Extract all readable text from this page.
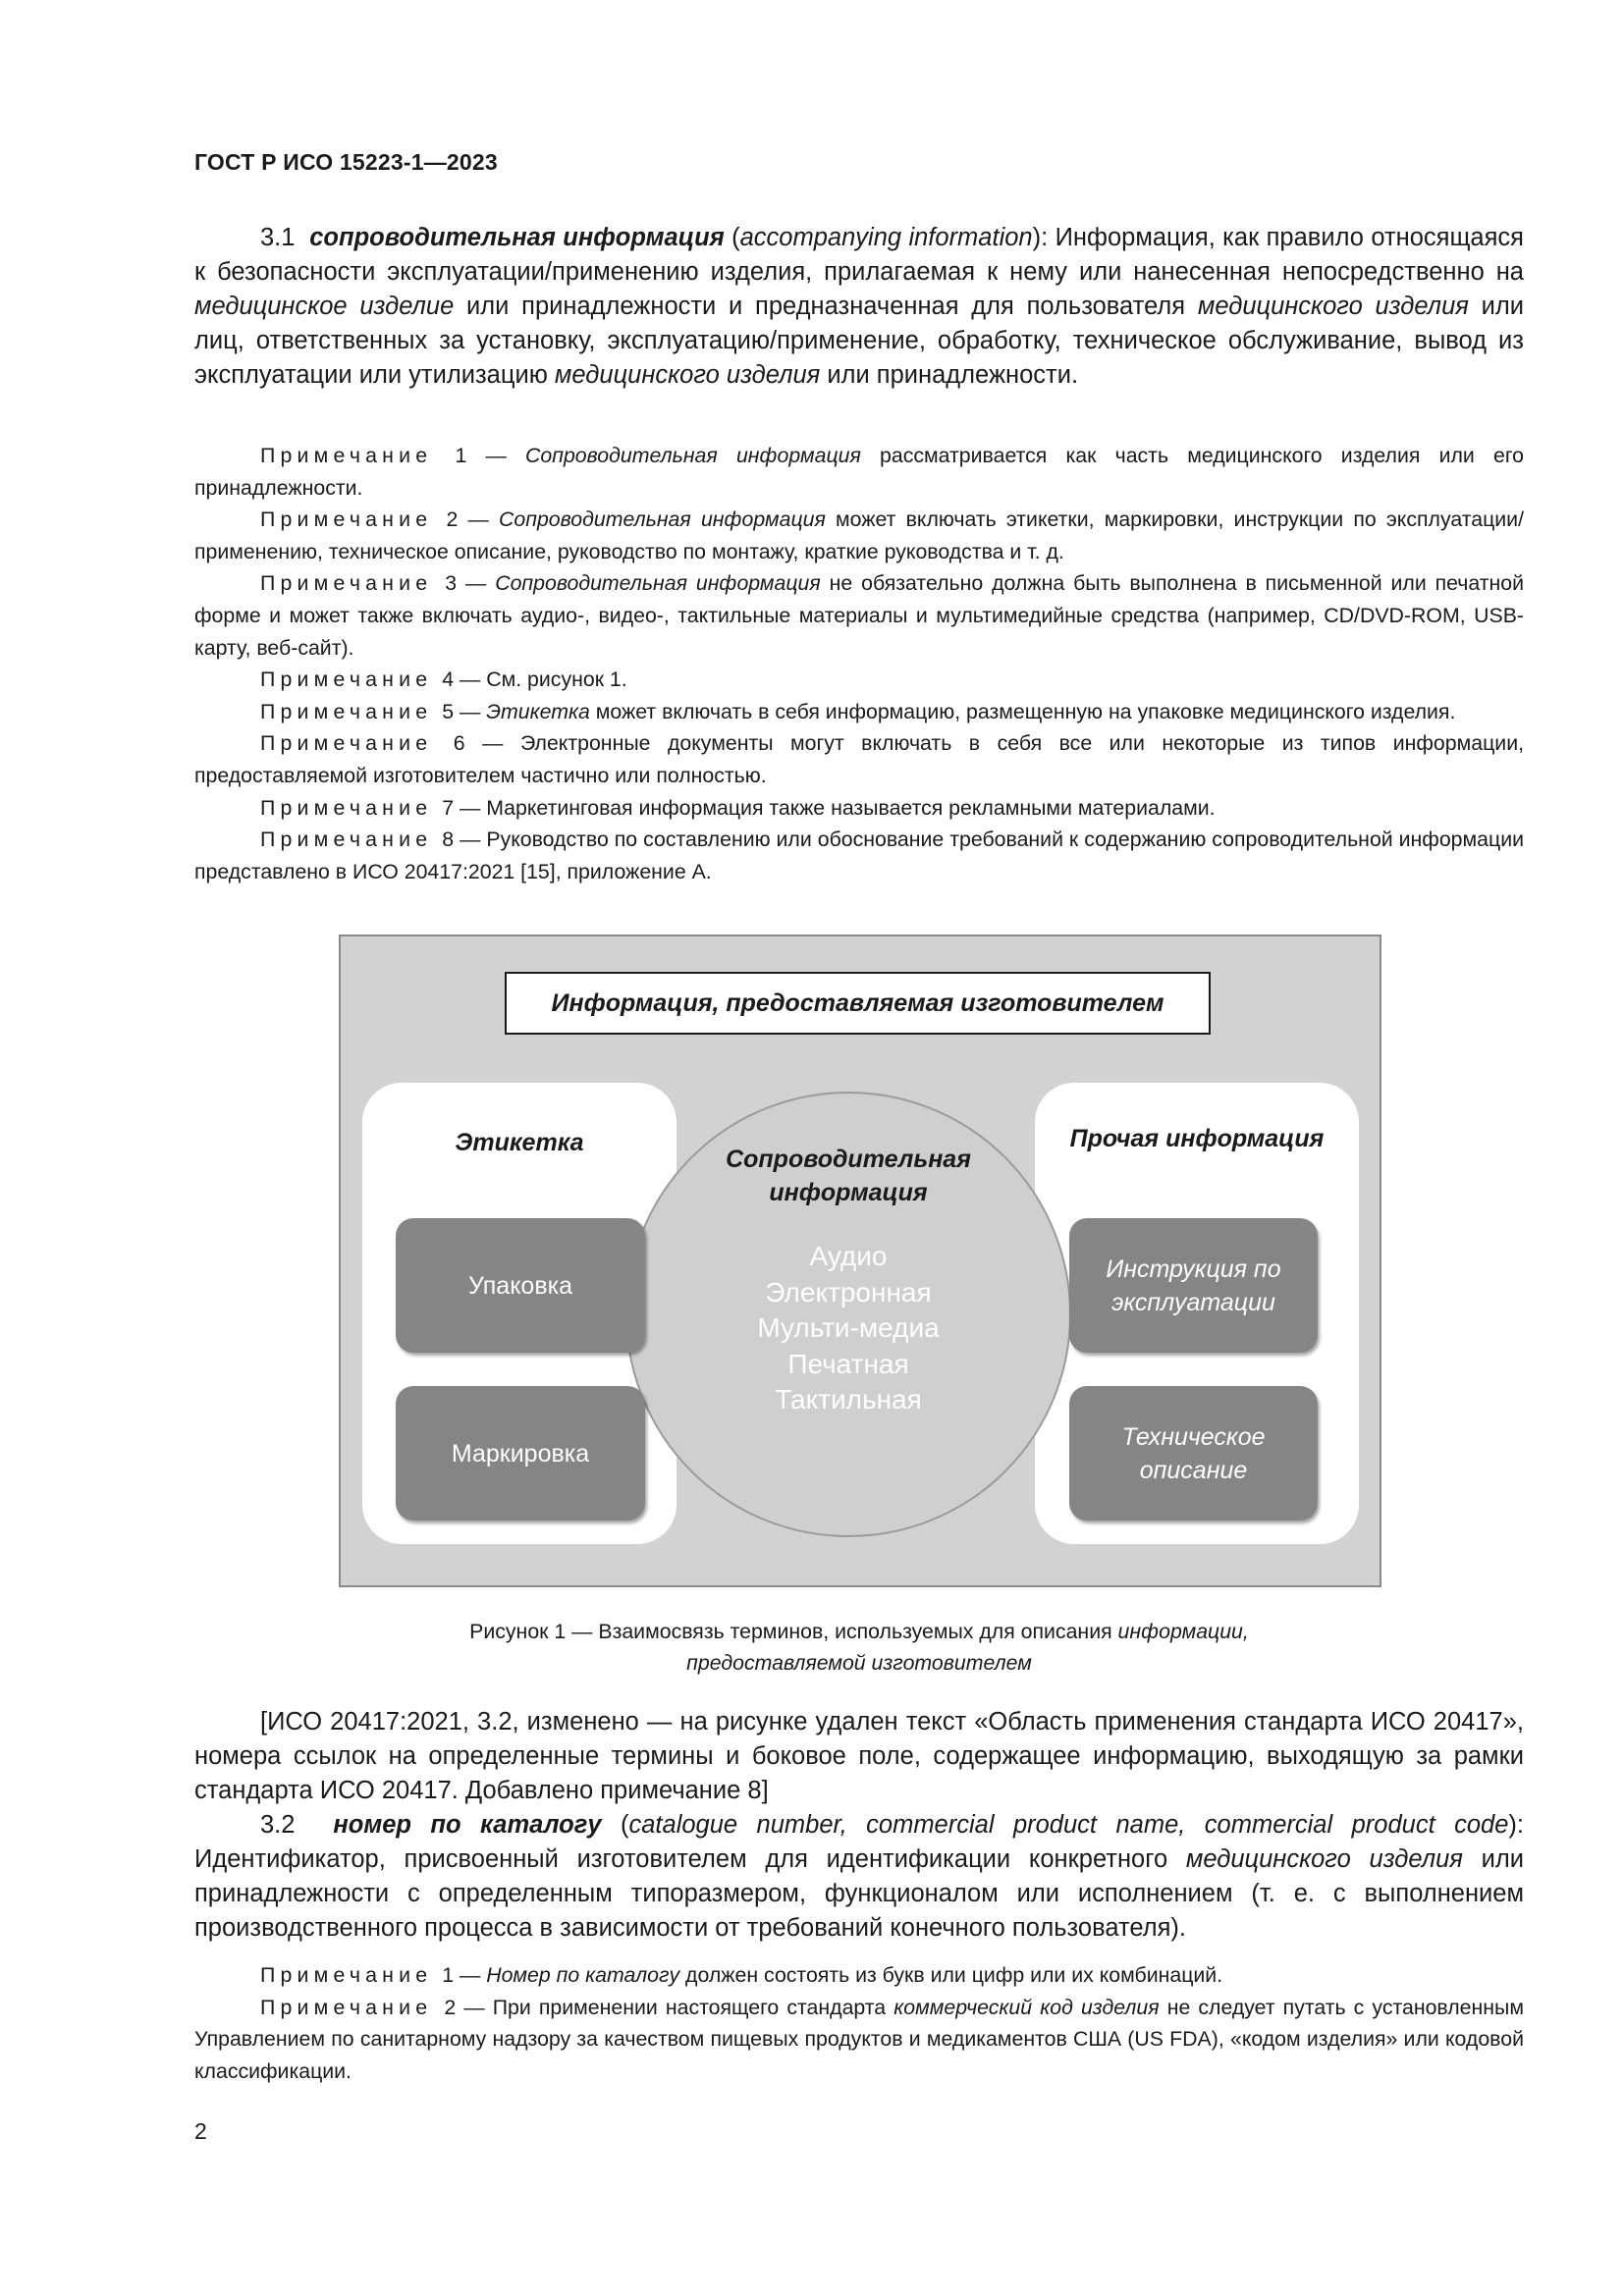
ГОСТ Р ИСО 15223-1—2023

3.1 сопроводительная информация (accompanying information): Информация, как правило относящаяся к безопасности эксплуатации/применению изделия, прилагаемая к нему или нанесенная непосредственно на медицинское изделие или принадлежности и предназначенная для пользователя медицинского изделия или лиц, ответственных за установку, эксплуатацию/применение, обработку, техническое обслуживание, вывод из эксплуатации или утилизацию медицинского изделия или принадлежности.

Примечание 1 — Сопроводительная информация рассматривается как часть медицинского изделия или его принадлежности.

Примечание 2 — Сопроводительная информация может включать этикетки, маркировки, инструкции по эксплуатации/применению, техническое описание, руководство по монтажу, краткие руководства и т. д.

Примечание 3 — Сопроводительная информация не обязательно должна быть выполнена в письменной или печатной форме и может также включать аудио-, видео-, тактильные материалы и мультимедийные средства (например, CD/DVD-ROM, USB-карту, веб-сайт).

Примечание 4 — См. рисунок 1.

Примечание 5 — Этикетка может включать в себя информацию, размещенную на упаковке медицинского изделия.

Примечание 6 — Электронные документы могут включать в себя все или некоторые из типов информации, предоставляемой изготовителем частично или полностью.

Примечание 7 — Маркетинговая информация также называется рекламными материалами.

Примечание 8 — Руководство по составлению или обоснование требований к содержанию сопроводительной информации представлено в ИСО 20417:2021 [15], приложение А.

Информация, предоставляемая изготовителем
Сопроводительная
информация
Аудио
Электронная
Мульти-медиа
Печатная
Тактильная
Этикетка
Упаковка
Маркировка
Прочая информация
Инструкция по
эксплуатации
Техническое
описание
Рисунок 1 — Взаимосвязь терминов, используемых для описания информации,
предоставляемой изготовителем

[ИСО 20417:2021, 3.2, изменено — на рисунке удален текст «Область применения стандарта ИСО 20417», номера ссылок на определенные термины и боковое поле, содержащее информацию, выходящую за рамки стандарта ИСО 20417. Добавлено примечание 8]

3.2 номер по каталогу (catalogue number, commercial product name, commercial product code): Идентификатор, присвоенный изготовителем для идентификации конкретного медицинского изделия или принадлежности с определенным типоразмером, функционалом или исполнением (т. е. с выполнением производственного процесса в зависимости от требований конечного пользователя).

Примечание 1 — Номер по каталогу должен состоять из букв или цифр или их комбинаций.

Примечание 2 — При применении настоящего стандарта коммерческий код изделия не следует путать с установленным Управлением по санитарному надзору за качеством пищевых продуктов и медикаментов США (US FDA), «кодом изделия» или кодовой классификации.

2
